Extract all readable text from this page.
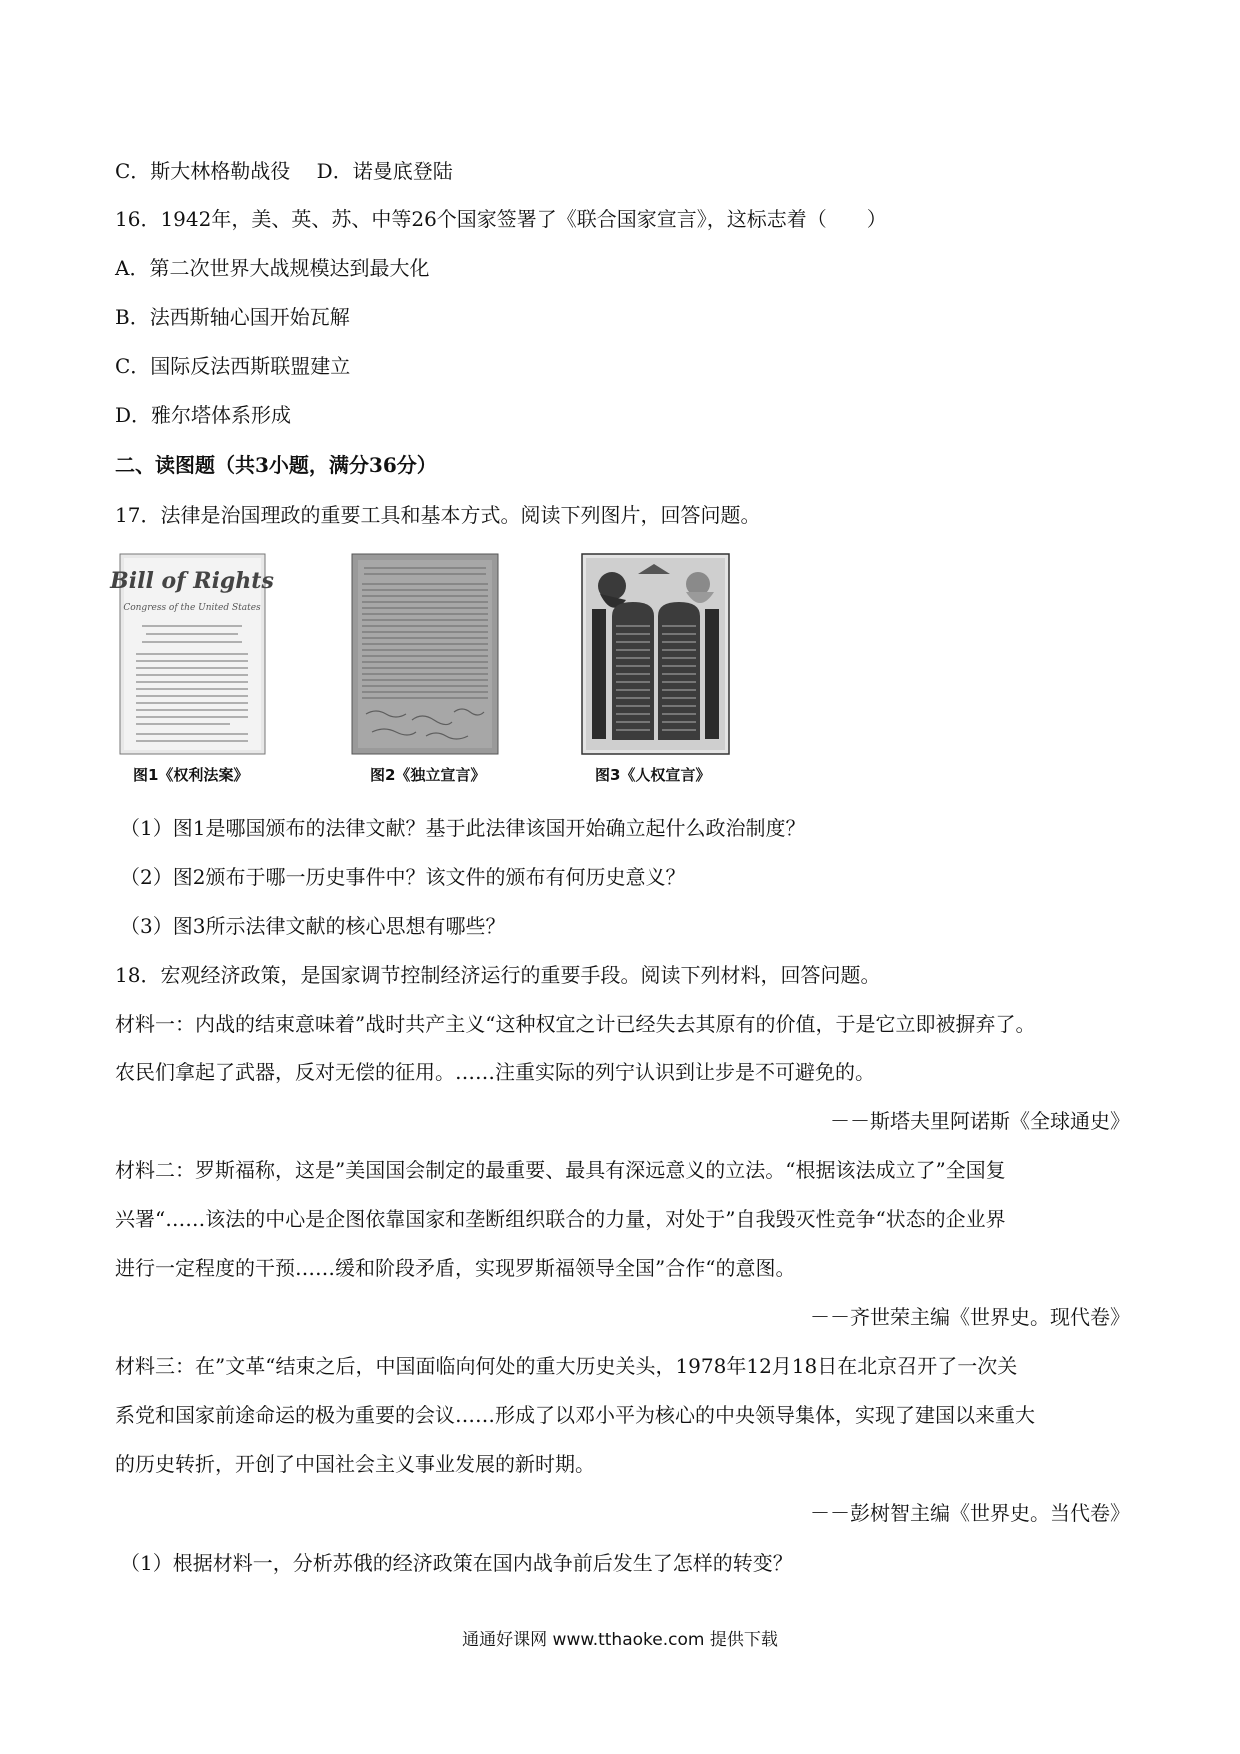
C．斯大林格勒战役　 D．诺曼底登陆
16．1942年，美、英、苏、中等26个国家签署了《联合国家宣言》，这标志着（　　）
A．第二次世界大战规模达到最大化
B．法西斯轴心国开始瓦解
C．国际反法西斯联盟建立
D．雅尔塔体系形成
二、读图题（共3小题，满分36分）
17．法律是治国理政的重要工具和基本方式。阅读下列图片，回答问题。
Bill of Rights
Congress of the United States
图1《权利法案》	图2《独立宣言》	图3《人权宣言》
（1）图1是哪国颁布的法律文献？基于此法律该国开始确立起什么政治制度？
（2）图2颁布于哪一历史事件中？该文件的颁布有何历史意义？
（3）图3所示法律文献的核心思想有哪些？
18．宏观经济政策，是国家调节控制经济运行的重要手段。阅读下列材料，回答问题。
材料一：内战的结束意味着”战时共产主义“这种权宜之计已经失去其原有的价值，于是它立即被摒弃了。
农民们拿起了武器，反对无偿的征用。……注重实际的列宁认识到让步是不可避免的。
－－斯塔夫里阿诺斯《全球通史》
材料二：罗斯福称，这是”美国国会制定的最重要、最具有深远意义的立法。“根据该法成立了”全国复
兴署“……该法的中心是企图依靠国家和垄断组织联合的力量，对处于”自我毁灭性竞争“状态的企业界
进行一定程度的干预……缓和阶段矛盾，实现罗斯福领导全国”合作“的意图。
－－齐世荣主编《世界史。现代卷》
材料三：在”文革“结束之后，中国面临向何处的重大历史关头，1978年12月18日在北京召开了一次关
系党和国家前途命运的极为重要的会议……形成了以邓小平为核心的中央领导集体，实现了建国以来重大
的历史转折，开创了中国社会主义事业发展的新时期。
－－彭树智主编《世界史。当代卷》
（1）根据材料一，分析苏俄的经济政策在国内战争前后发生了怎样的转变？
通通好课网 www.tthaoke.com 提供下载
